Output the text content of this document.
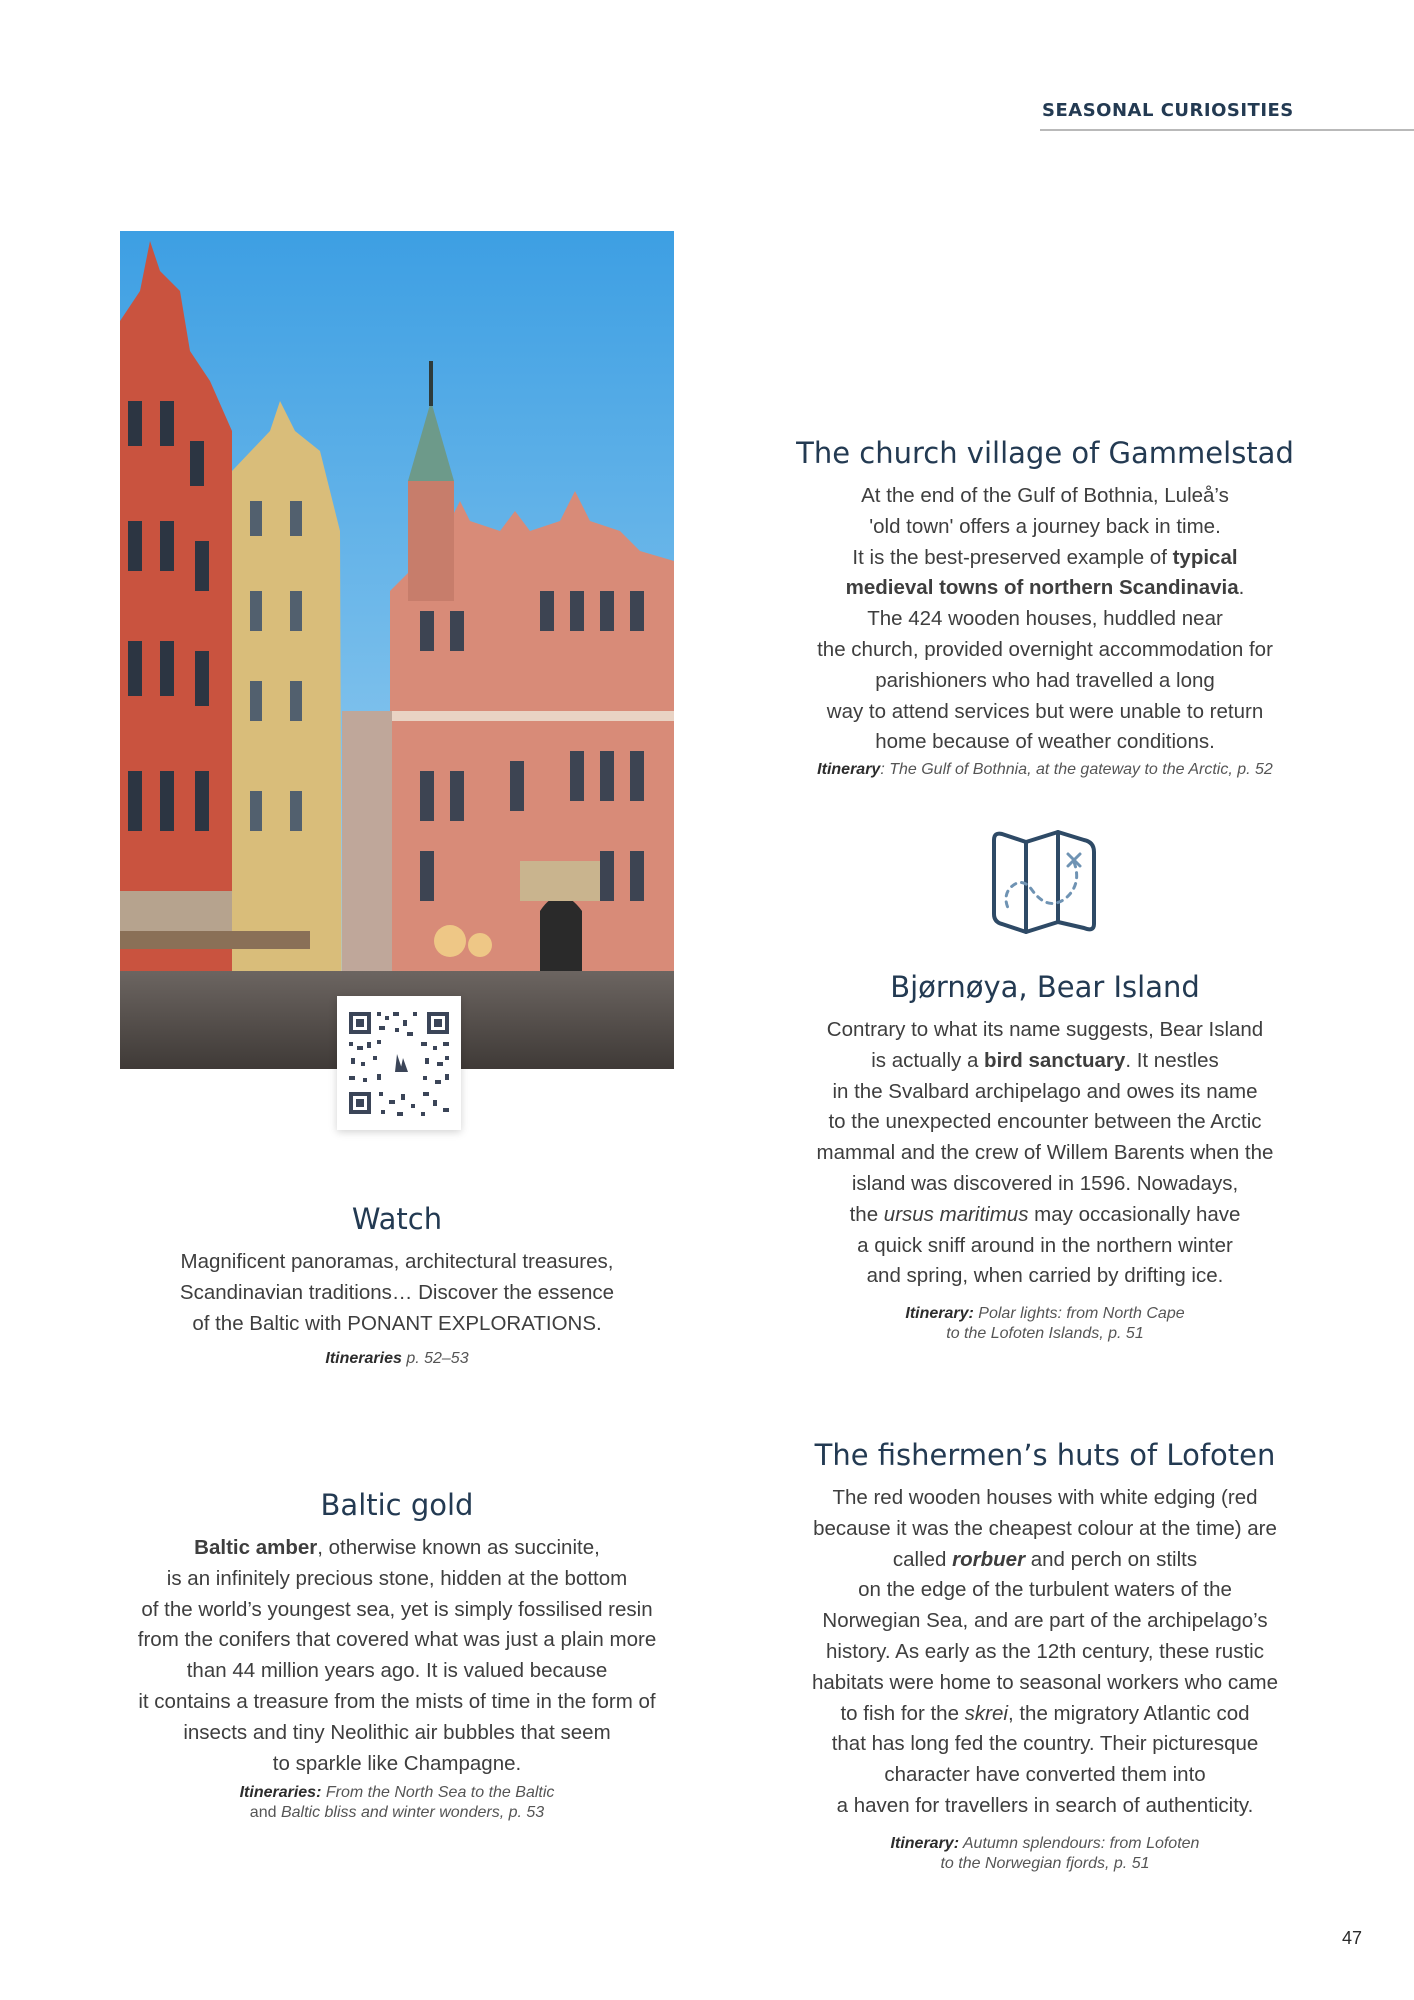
SEASONAL CURIOSITIES
The church village of Gammelstad
At the end of the Gulf of Bothnia, Luleå’s
'old town' offers a journey back in time.
It is the best-preserved example of typical
medieval towns of northern Scandinavia.
The 424 wooden houses, huddled near
the church, provided overnight accommodation for
parishioners who had travelled a long
way to attend services but were unable to return
home because of weather conditions.
Itinerary: The Gulf of Bothnia, at the gateway to the Arctic, p. 52
Bjørnøya, Bear Island
Contrary to what its name suggests, Bear Island
is actually a bird sanctuary. It nestles
in the Svalbard archipelago and owes its name
to the unexpected encounter between the Arctic
mammal and the crew of Willem Barents when the
island was discovered in 1596. Nowadays,
the ursus maritimus may occasionally have
a quick sniff around in the northern winter
and spring, when carried by drifting ice.
Itinerary: Polar lights: from North Cape
to the Lofoten Islands, p. 51
Watch
Magnificent panoramas, architectural treasures,
Scandinavian traditions… Discover the essence
of the Baltic with PONANT EXPLORATIONS.
Itineraries p. 52–53
The fishermen’s huts of Lofoten
The red wooden houses with white edging (red
because it was the cheapest colour at the time) are
called rorbuer and perch on stilts
on the edge of the turbulent waters of the
Norwegian Sea, and are part of the archipelago’s
history. As early as the 12th century, these rustic
habitats were home to seasonal workers who came
to fish for the skrei, the migratory Atlantic cod
that has long fed the country. Their picturesque
character have converted them into
a haven for travellers in search of authenticity.
Itinerary: Autumn splendours: from Lofoten
to the Norwegian fjords, p. 51
Baltic gold
Baltic amber, otherwise known as succinite,
is an infinitely precious stone, hidden at the bottom
of the world’s youngest sea, yet is simply fossilised resin
from the conifers that covered what was just a plain more
than 44 million years ago. It is valued because
it contains a treasure from the mists of time in the form of
insects and tiny Neolithic air bubbles that seem
to sparkle like Champagne.
Itineraries: From the North Sea to the Baltic
and Baltic bliss and winter wonders, p. 53
47
